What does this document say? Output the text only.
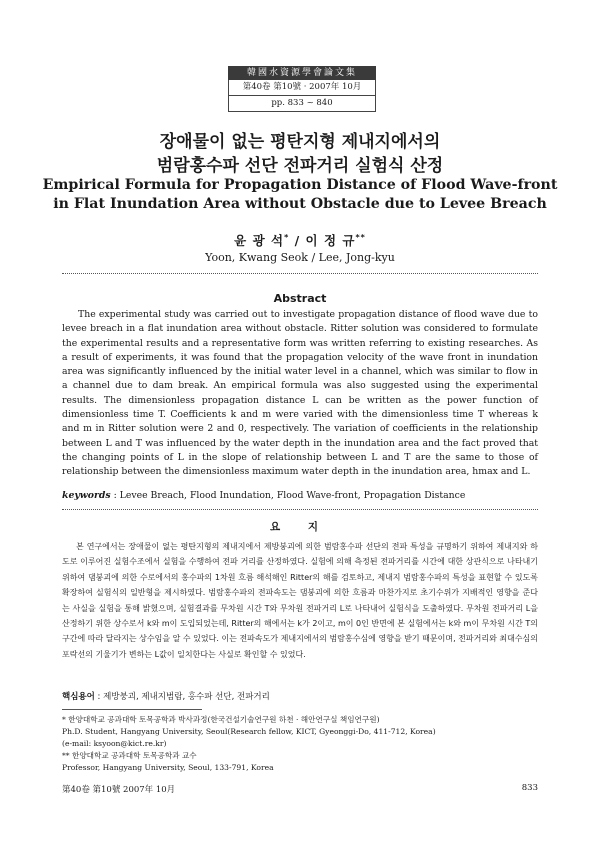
韓國水資源學會論文集
第40卷 第10號 · 2007年 10月
pp. 833 ~ 840
장애물이 없는 평탄지형 제내지에서의
범람홍수파 선단 전파거리 실험식 산정
Empirical Formula for Propagation Distance of Flood Wave-front
in Flat Inundation Area without Obstacle due to Levee Breach
윤 광 석* / 이 정 규**
Yoon, Kwang Seok / Lee, Jong-kyu
Abstract
The experimental study was carried out to investigate propagation distance of flood wave due to levee breach in a flat inundation area without obstacle. Ritter solution was considered to formulate the experimental results and a representative form was written referring to existing researches. As a result of experiments, it was found that the propagation velocity of the wave front in inundation area was significantly influenced by the initial water level in a channel, which was similar to flow in a channel due to dam break. An empirical formula was also suggested using the experimental results. The dimensionless propagation distance L can be written as the power function of dimensionless time T. Coefficients k and m were varied with the dimensionless time T whereas k and m in Ritter solution were 2 and 0, respectively. The variation of coefficients in the relationship between L and T was influenced by the water depth in the inundation area and the fact proved that the changing points of L in the slope of relationship between L and T are the same to those of relationship between the dimensionless maximum water depth in the inundation area, hmax and L.
keywords : Levee Breach, Flood Inundation, Flood Wave-front, Propagation Distance
요 지
본 연구에서는 장애물이 없는 평탄지형의 제내지에서 제방붕괴에 의한 범람홍수파 선단의 전파 특성을 규명하기 위하여 제내지와 하도로 이루어진 실험수조에서 실험을 수행하여 전파 거리를 산정하였다. 실험에 의해 측정된 전파거리를 시간에 대한 상관식으로 나타내기 위하여 댐붕괴에 의한 수로에서의 홍수파의 1차원 흐름 해석해인 Ritter의 해를 검토하고, 제내지 범람홍수파의 특성을 표현할 수 있도록 확장하여 실험식의 일반형을 제시하였다. 범람홍수파의 전파속도는 댐붕괴에 의한 흐름과 마찬가지로 초기수위가 지배적인 영향을 준다는 사실을 실험을 통해 밝혔으며, 실험결과를 무차원 시간 T와 무차원 전파거리 L로 나타내어 실험식을 도출하였다. 무차원 전파거리 L을 산정하기 위한 상수로서 k와 m이 도입되었는데, Ritter의 해에서는 k가 2이고, m이 0인 반면에 본 실험에서는 k와 m이 무차원 시간 T의 구간에 따라 달라지는 상수임을 알 수 있었다. 이는 전파속도가 제내지에서의 범람홍수심에 영향을 받기 때문이며, 전파거리와 최대수심의 포락선의 기울기가 변하는 L값이 일치한다는 사실로 확인할 수 있었다.
핵심용어 : 제방붕괴, 제내지범람, 홍수파 선단, 전파거리
* 한양대학교 공과대학 토목공학과 박사과정(한국건설기술연구원 하천 · 해안연구실 책임연구원)
Ph.D. Student, Hangyang University, Seoul(Research fellow, KICT, Gyeonggi-Do, 411-712, Korea)
(e-mail: ksyoon@kict.re.kr)
** 한양대학교 공과대학 토목공학과 교수
Professor, Hangyang University, Seoul, 133-791, Korea
第40卷 第10號 2007年 10月	833
